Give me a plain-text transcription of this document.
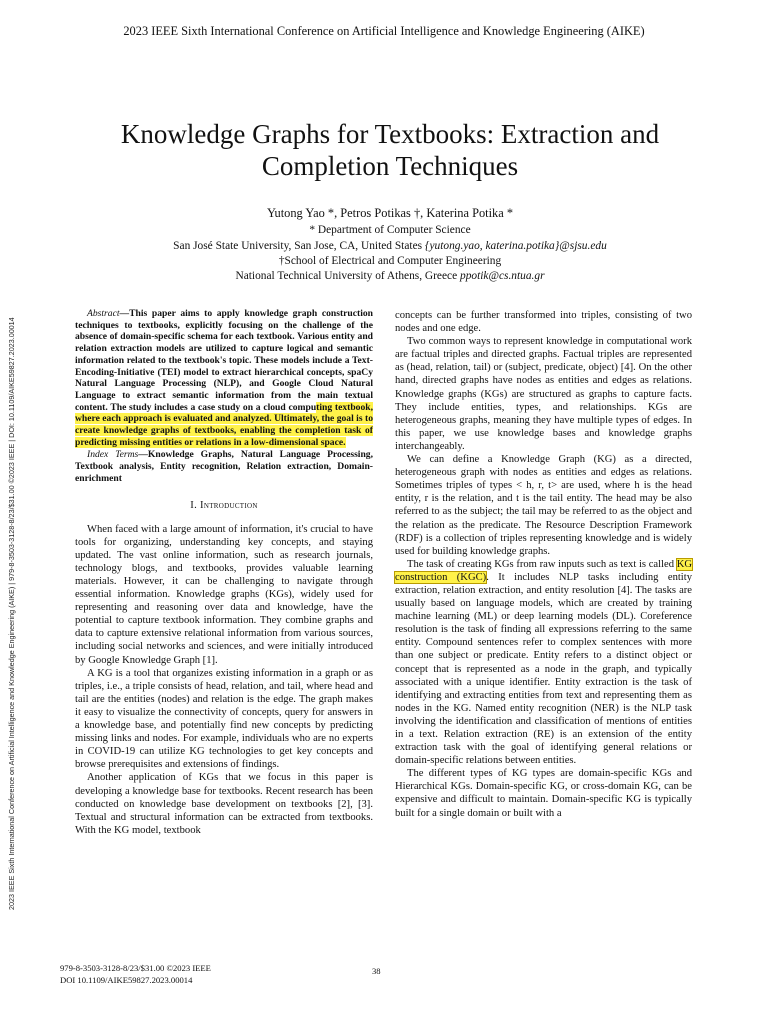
2023 IEEE Sixth International Conference on Artificial Intelligence and Knowledge Engineering (AIKE)
2023 IEEE Sixth International Conference on Artificial Intelligence and Knowledge Engineering (AIKE) | 979-8-3503-3128-8/23/$31.00 ©2023 IEEE | DOI: 10.1109/AIKE59827.2023.00014
Knowledge Graphs for Textbooks: Extraction and
Completion Techniques
Yutong Yao *, Petros Potikas †, Katerina Potika *
* Department of Computer Science
San José State University, San Jose, CA, United States {yutong.yao, katerina.potika}@sjsu.edu
†School of Electrical and Computer Engineering
National Technical University of Athens, Greece ppotik@cs.ntua.gr
Abstract—This paper aims to apply knowledge graph construction techniques to textbooks, explicitly focusing on the challenge of the absence of domain-specific schema for each textbook. Various entity and relation extraction models are utilized to capture logical and semantic information related to the textbook's topic. These models include a Text-Encoding-Initiative (TEI) model to extract hierarchical concepts, spaCy Natural Language Processing (NLP), and Google Cloud Natural Language to extract semantic information from the main textual content. The study includes a case study on a cloud computing textbook, where each approach is evaluated and analyzed. Ultimately, the goal is to create knowledge graphs of textbooks, enabling the completion task of predicting missing entities or relations in a low-dimensional space.
Index Terms—Knowledge Graphs, Natural Language Processing, Textbook analysis, Entity recognition, Relation extraction, Domain-enrichment
I. Introduction

When faced with a large amount of information, it's crucial to have tools for organizing, understanding key concepts, and staying updated. The vast online information, such as research journals, technology blogs, and textbooks, provides valuable learning materials. However, it can be challenging to navigate through essential information. Knowledge graphs (KGs), widely used for representing and reasoning over data and knowledge, have the potential to capture textbook information. They combine graphs and data to capture extensive relational information from various sources, including social networks and sciences, and were initially introduced by Google Knowledge Graph [1].

A KG is a tool that organizes existing information in a graph or as triples, i.e., a triple consists of head, relation, and tail, where head and tail are the entities (nodes) and relation is the edge. The graph makes it easy to visualize the connectivity of concepts, query for answers in a knowledge base, and potentially find new concepts by predicting missing links and nodes. For example, individuals who are no experts in COVID-19 can utilize KG technologies to get key concepts and browse prerequisites and extensions of findings.

Another application of KGs that we focus in this paper is developing a knowledge base for textbooks. Recent research has been conducted on knowledge base development on textbooks [2], [3]. Textual and structural information can be extracted from textbooks. With the KG model, textbook

concepts can be further transformed into triples, consisting of two nodes and one edge.

Two common ways to represent knowledge in computational work are factual triples and directed graphs. Factual triples are represented as (head, relation, tail) or (subject, predicate, object) [4]. On the other hand, directed graphs have nodes as entities and edges as relations. Knowledge graphs (KGs) are structured as graphs to capture facts. They include entities, types, and relationships. KGs are heterogeneous graphs, meaning they have multiple types of edges. In this paper, we use knowledge bases and knowledge graphs interchangeably.

We can define a Knowledge Graph (KG) as a directed, heterogeneous graph with nodes as entities and edges as relations. Sometimes triples of types < h, r, t> are used, where h is the head entity, r is the relation, and t is the tail entity. The head may be also referred to as the subject; the tail may be referred to as the object and the relation as the predicate. The Resource Description Framework (RDF) is a collection of triples representing knowledge and is widely used for building knowledge graphs.

The task of creating KGs from raw inputs such as text is called KG construction (KGC). It includes NLP tasks including entity extraction, relation extraction, and entity resolution [4]. The tasks are usually based on language models, which are created by training machine learning (ML) or deep learning models (DL). Coreference resolution is the task of finding all expressions referring to the same entity. Compound sentences refer to complex sentences with more than one subject or predicate. Entity refers to a distinct object or concept that is represented as a node in the graph, and typically associated with a unique identifier. Entity extraction is the task of identifying and extracting entities from text and representing them as nodes in the KG. Named entity recognition (NER) is the NLP task involving the identification and classification of mentions of entities in a text. Relation extraction (RE) is an extension of the entity extraction task with the goal of identifying general relations or domain-specific relations between entities.

The different types of KG types are domain-specific KGs and Hierarchical KGs. Domain-specific KG, or cross-domain KG, can be expensive and difficult to maintain. Domain-specific KG is typically built for a single domain or built with a

979-8-3503-3128-8/23/$31.00 ©2023 IEEE
DOI 10.1109/AIKE59827.2023.00014
38
